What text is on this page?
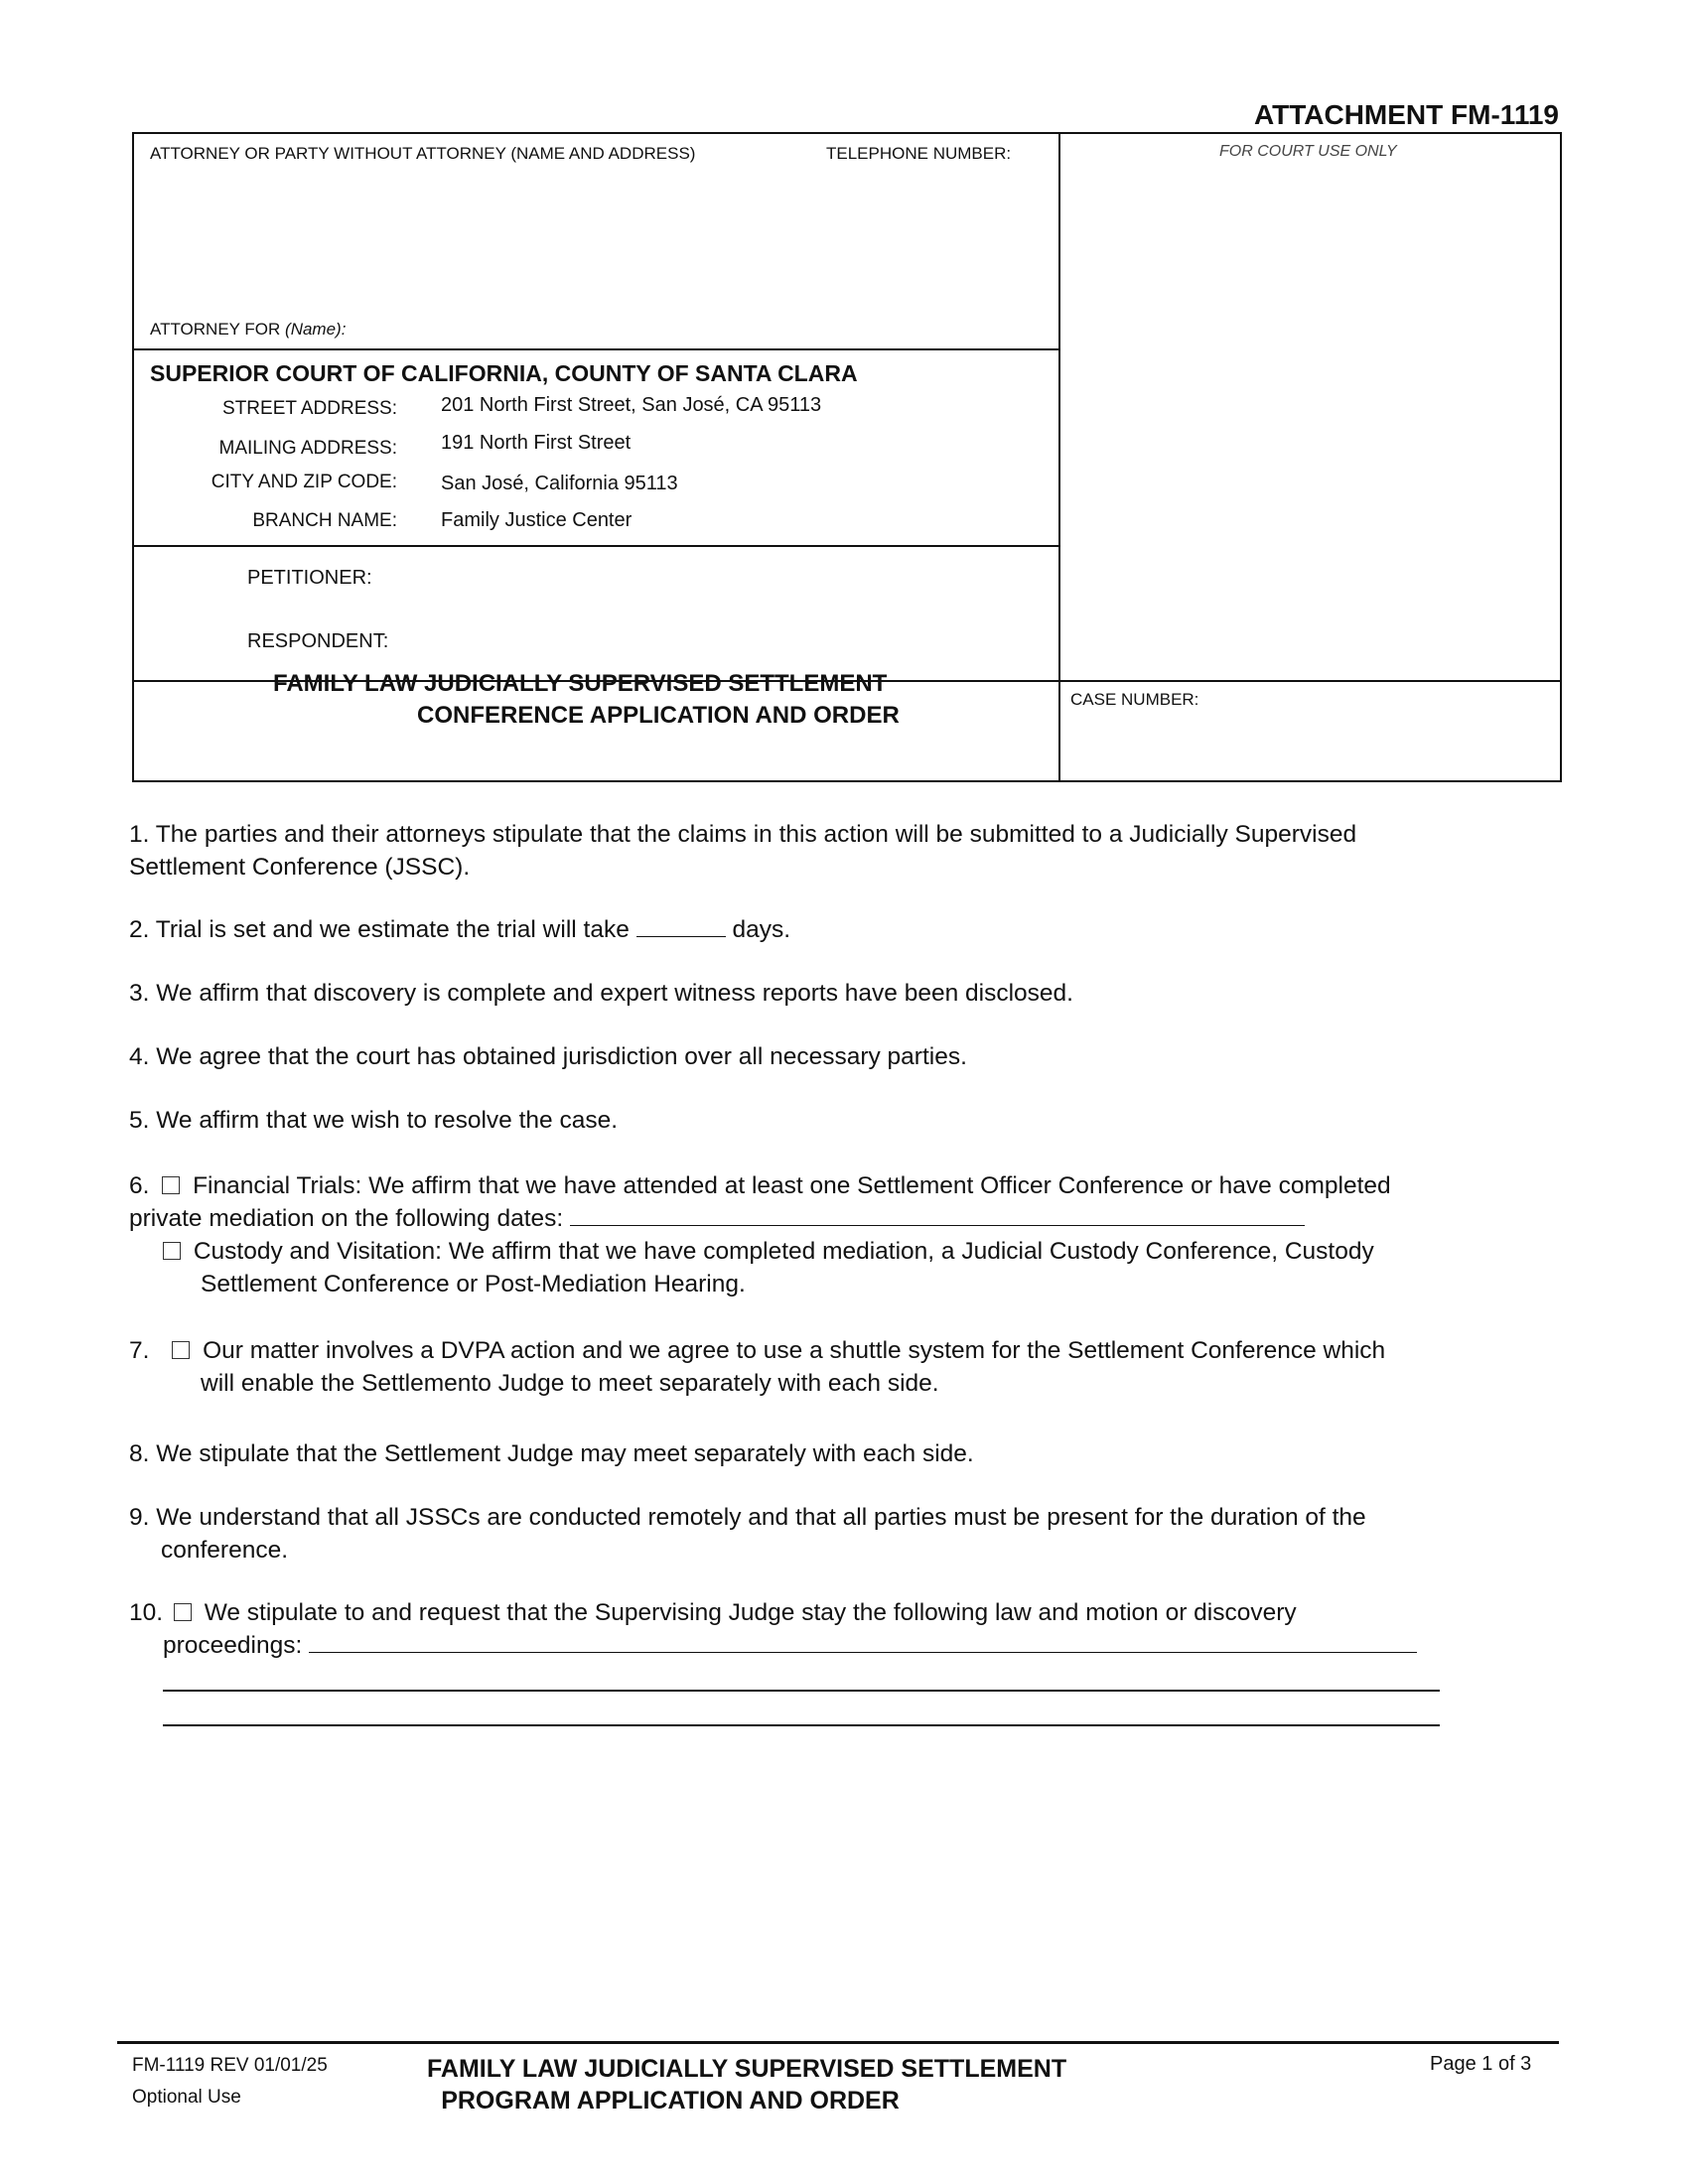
ATTACHMENT FM-1119
ATTORNEY OR PARTY WITHOUT ATTORNEY (NAME AND ADDRESS)	TELEPHONE NUMBER:	FOR COURT USE ONLY
ATTORNEY FOR (Name):
SUPERIOR COURT OF CALIFORNIA, COUNTY OF SANTA CLARA
STREET ADDRESS: 201 North First Street, San José, CA 95113
MAILING ADDRESS: 191 North First Street
CITY AND ZIP CODE: San José, California 95113
BRANCH NAME: Family Justice Center
PETITIONER:
RESPONDENT:
FAMILY LAW JUDICIALLY SUPERVISED SETTLEMENT
CONFERENCE APPLICATION AND ORDER
CASE NUMBER:
1. The parties and their attorneys stipulate that the claims in this action will be submitted to a Judicially Supervised
Settlement Conference (JSSC).
2. Trial is set and we estimate the trial will take	days.
3. We affirm that discovery is complete and expert witness reports have been disclosed.
4. We agree that the court has obtained jurisdiction over all necessary parties.
5. We affirm that we wish to resolve the case.
6. Financial Trials: We affirm that we have attended at least one Settlement Officer Conference or have completed
private mediation on the following dates:
Custody and Visitation: We affirm that we have completed mediation, a Judicial Custody Conference, Custody
Settlement Conference or Post-Mediation Hearing.
7. Our matter involves a DVPA action and we agree to use a shuttle system for the Settlement Conference which
will enable the Settlemento Judge to meet separately with each side.
8. We stipulate that the Settlement Judge may meet separately with each side.
9. We understand that all JSSCs are conducted remotely and that all parties must be present for the duration of the
conference.
10. We stipulate to and request that the Supervising Judge stay the following law and motion or discovery
proceedings:
FM-1119 REV 01/01/25
Optional Use
FAMILY LAW JUDICIALLY SUPERVISED SETTLEMENT
PROGRAM APPLICATION AND ORDER
Page 1 of 3
